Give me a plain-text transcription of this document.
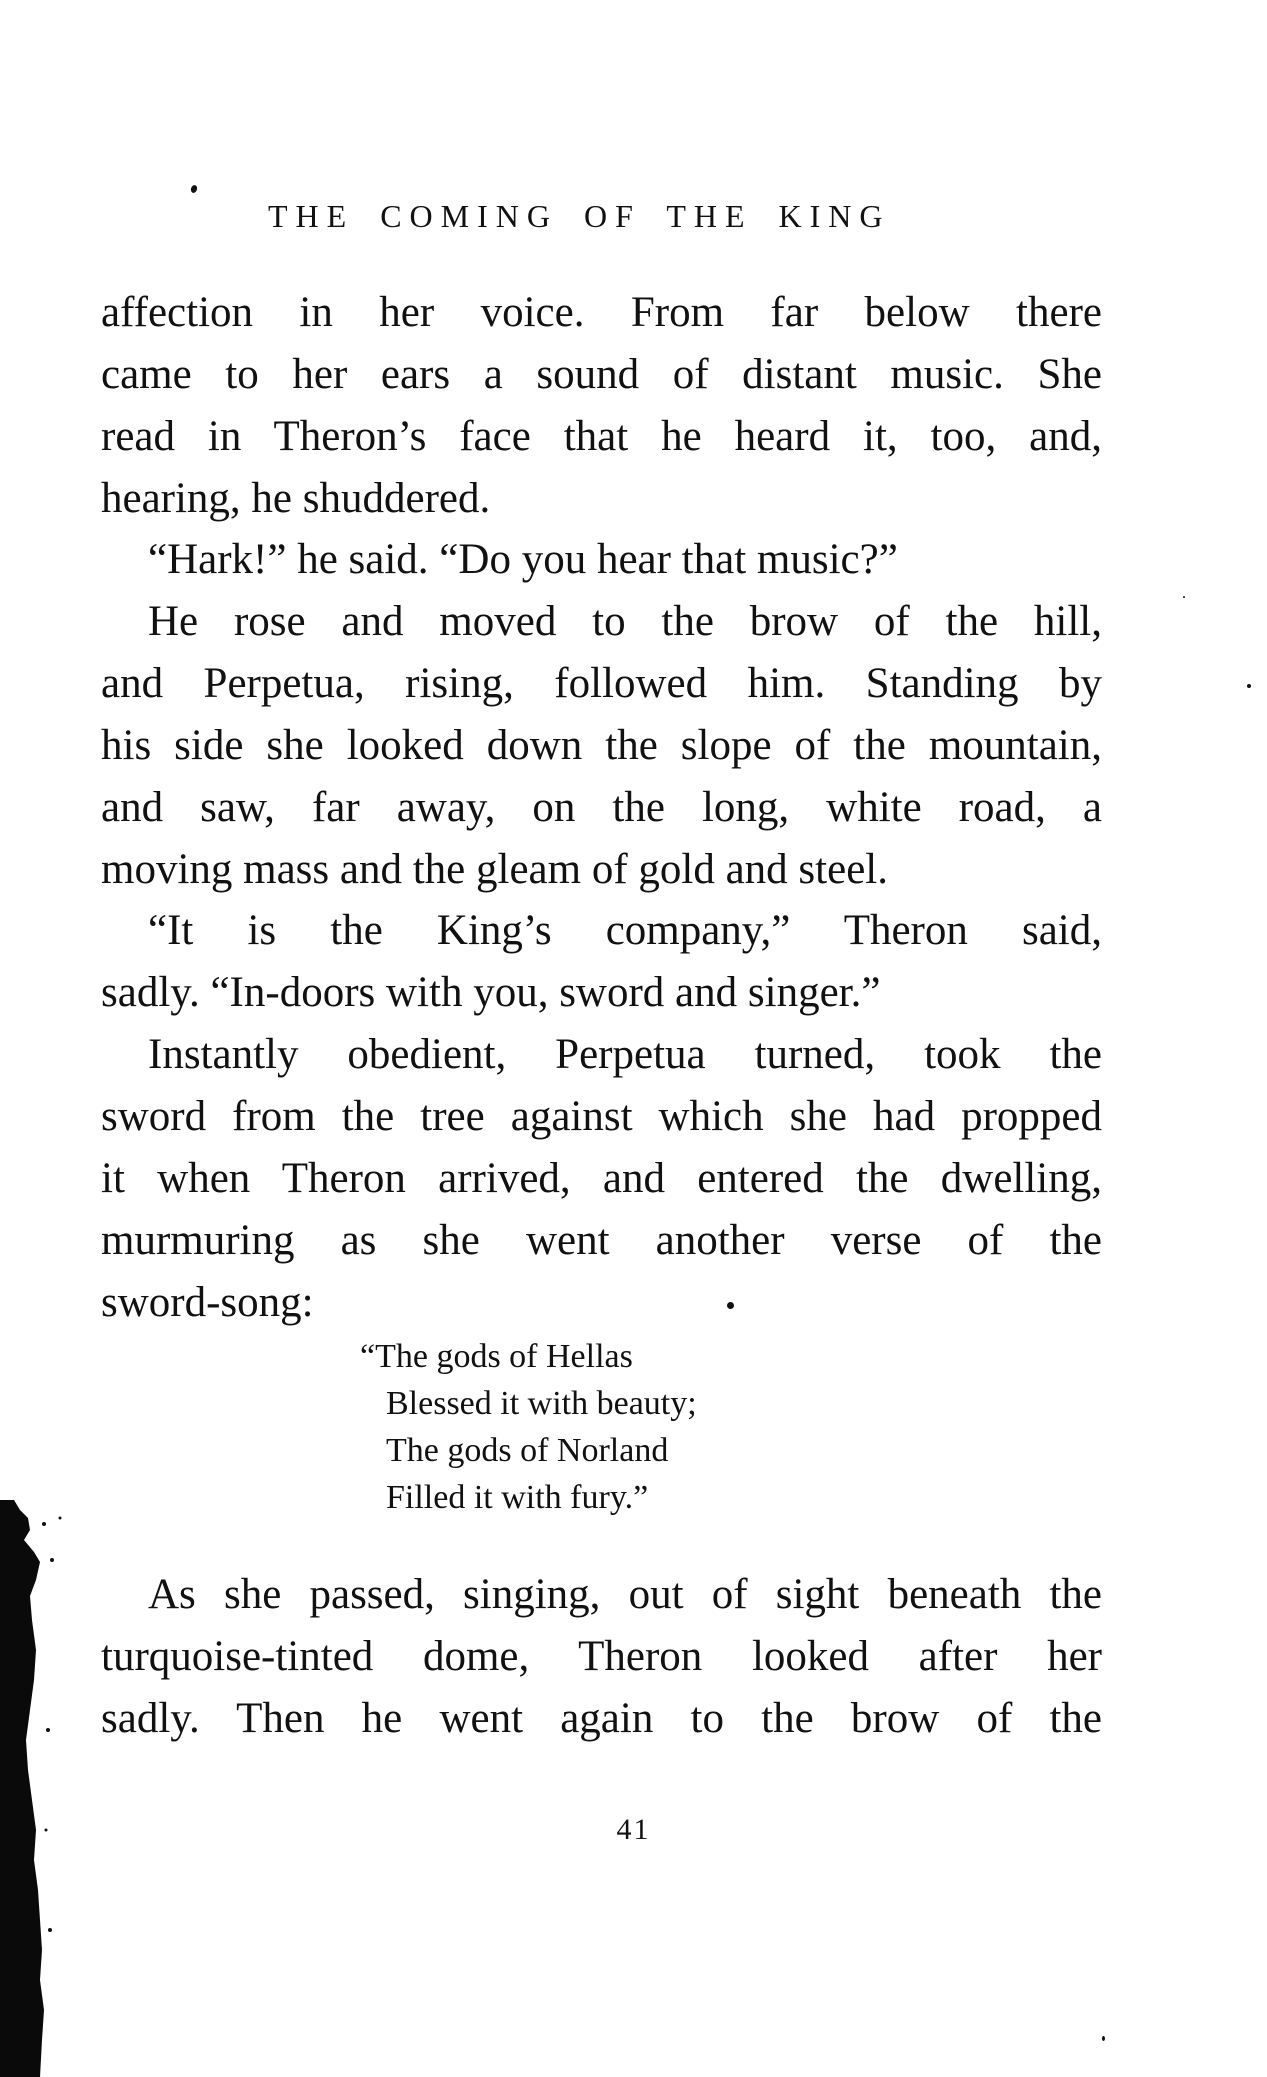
THE COMING OF THE KING
affection in her voice. From far below there
came to her ears a sound of distant music. She
read in Theron’s face that he heard it, too, and,
hearing, he shuddered.
“Hark!” he said. “Do you hear that music?”
He rose and moved to the brow of the hill,
and Perpetua, rising, followed him. Standing by
his side she looked down the slope of the mountain,
and saw, far away, on the long, white road, a
moving mass and the gleam of gold and steel.
“It is the King’s company,” Theron said,
sadly. “In-doors with you, sword and singer.”
Instantly obedient, Perpetua turned, took the
sword from the tree against which she had propped
it when Theron arrived, and entered the dwelling,
murmuring as she went another verse of the
sword-song:
“The gods of Hellas
Blessed it with beauty;
The gods of Norland
Filled it with fury.”
As she passed, singing, out of sight beneath the
turquoise-tinted dome, Theron looked after her
sadly. Then he went again to the brow of the
41
